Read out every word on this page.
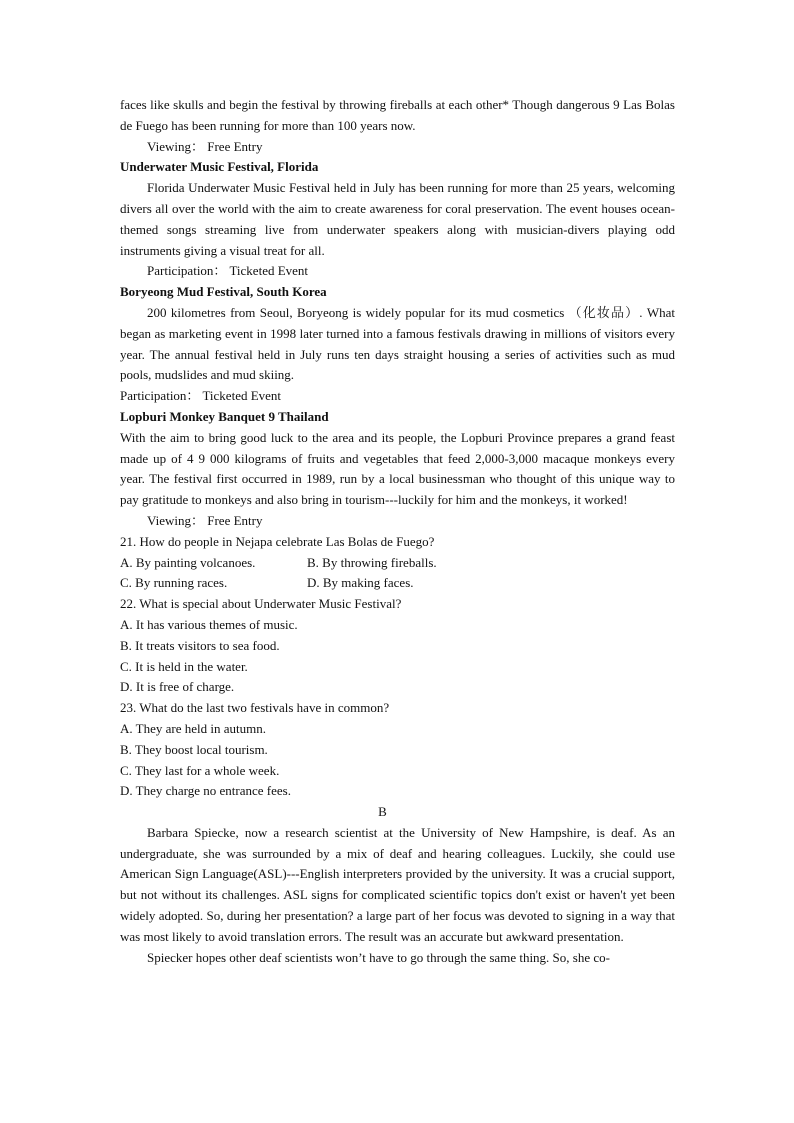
faces like skulls and begin the festival by throwing fireballs at each other* Though dangerous 9 Las Bolas de Fuego has been running for more than 100 years now.

Viewing： Free Entry

Underwater Music Festival, Florida

Florida Underwater Music Festival held in July has been running for more than 25 years, welcoming divers all over the world with the aim to create awareness for coral preservation. The event houses ocean-themed songs streaming live from underwater speakers along with musician-divers playing odd instruments giving a visual treat for all.

Participation： Ticketed Event

Boryeong Mud Festival, South Korea

200 kilometres from Seoul, Boryeong is widely popular for its mud cosmetics （化妆品）. What began as marketing event in 1998 later turned into a famous festivals drawing in millions of visitors every year. The annual festival held in July runs ten days straight housing a series of activities such as mud pools, mudslides and mud skiing.

Participation： Ticketed Event

Lopburi Monkey Banquet 9 Thailand

With the aim to bring good luck to the area and its people, the Lopburi Province prepares a grand feast made up of 4 9 000 kilograms of fruits and vegetables that feed 2,000-3,000 macaque monkeys every year. The festival first occurred in 1989, run by a local businessman who thought of this unique way to pay gratitude to monkeys and also bring in tourism---luckily for him and the monkeys, it worked!

Viewing： Free Entry

21. How do people in Nejapa celebrate Las Bolas de Fuego?

A. By painting volcanoes.	B. By throwing fireballs.
C. By running races.	D. By making faces.

22. What is special about Underwater Music Festival?

A. It has various themes of music.

B. It treats visitors to sea food.

C. It is held in the water.

D. It is free of charge.

23. What do the last two festivals have in common?

A. They are held in autumn.

B. They boost local tourism.

C. They last for a whole week.

D. They charge no entrance fees.

B

Barbara Spiecke, now a research scientist at the University of New Hampshire, is deaf. As an undergraduate, she was surrounded by a mix of deaf and hearing colleagues. Luckily, she could use American Sign Language(ASL)---English interpreters provided by the university. It was a crucial support, but not without its challenges. ASL signs for complicated scientific topics don't exist or haven't yet been widely adopted. So, during her presentation? a large part of her focus was devoted to signing in a way that was most likely to avoid translation errors. The result was an accurate but awkward presentation.

Spiecker hopes other deaf scientists won’t have to go through the same thing. So, she co-
